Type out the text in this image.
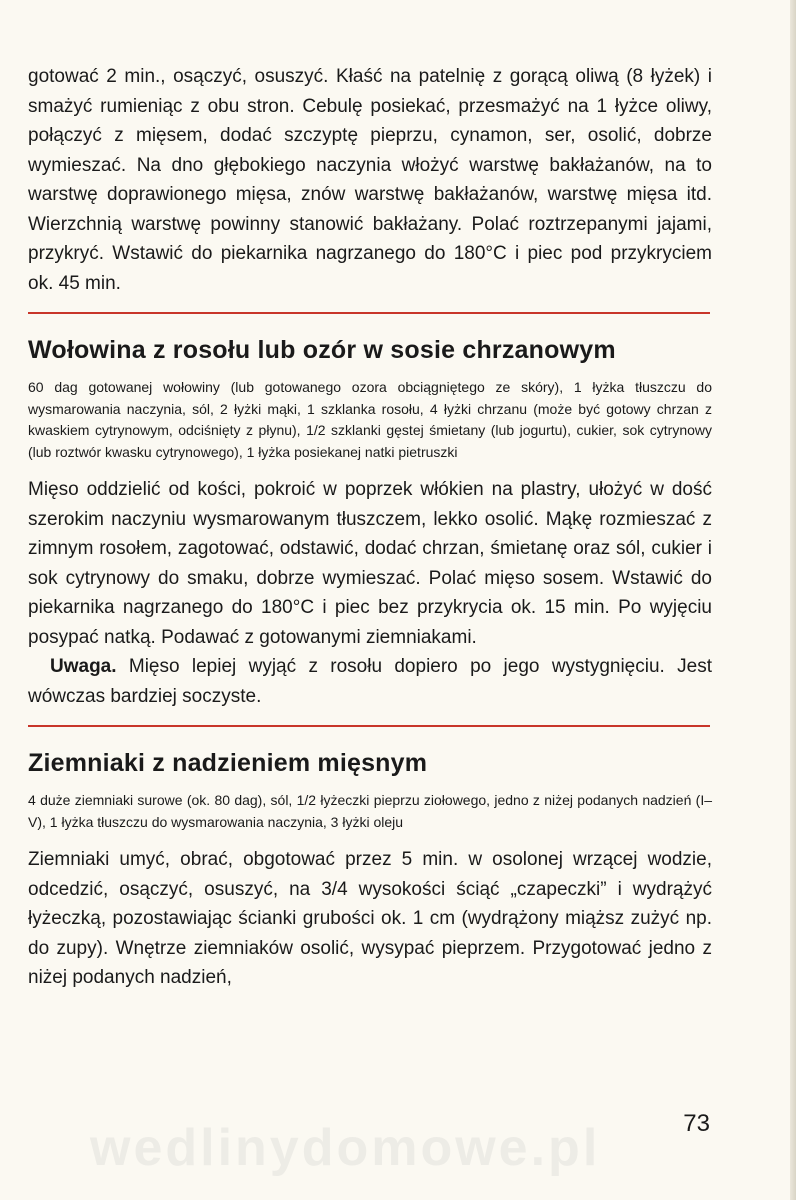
wedlinydomowe.pl

gotować 2 min., osączyć, osuszyć. Kłaść na patelnię z gorącą oliwą (8 łyżek) i smażyć rumieniąc z obu stron. Cebulę posiekać, przesmażyć na 1 łyżce oliwy, połączyć z mięsem, dodać szczyptę pieprzu, cynamon, ser, osolić, dobrze wymieszać. Na dno głębokiego naczynia włożyć warstwę bakłażanów, na to warstwę doprawionego mięsa, znów warstwę bakłażanów, warstwę mięsa itd. Wierzchnią warstwę powinny stanowić bakłażany. Polać roztrzepanymi jajami, przykryć. Wstawić do piekarnika nagrzanego do 180°C i piec pod przykryciem ok. 45 min.

Wołowina z rosołu lub ozór w sosie chrzanowym

60 dag gotowanej wołowiny (lub gotowanego ozora obciągniętego ze skóry), 1 łyżka tłuszczu do wysmarowania naczynia, sól, 2 łyżki mąki, 1 szklanka rosołu, 4 łyżki chrzanu (może być gotowy chrzan z kwaskiem cytrynowym, odciśnięty z płynu), 1/2 szklanki gęstej śmietany (lub jogurtu), cukier, sok cytrynowy (lub roztwór kwasku cytrynowego), 1 łyżka posiekanej natki pietruszki

Mięso oddzielić od kości, pokroić w poprzek włókien na plastry, ułożyć w dość szerokim naczyniu wysmarowanym tłuszczem, lekko osolić. Mąkę rozmieszać z zimnym rosołem, zagotować, odstawić, dodać chrzan, śmietanę oraz sól, cukier i sok cytrynowy do smaku, dobrze wymieszać. Polać mięso sosem. Wstawić do piekarnika nagrzanego do 180°C i piec bez przykrycia ok. 15 min. Po wyjęciu posypać natką. Podawać z gotowanymi ziemniakami.

Uwaga. Mięso lepiej wyjąć z rosołu dopiero po jego wystygnięciu. Jest wówczas bardziej soczyste.

Ziemniaki z nadzieniem mięsnym

4 duże ziemniaki surowe (ok. 80 dag), sól, 1/2 łyżeczki pieprzu ziołowego, jedno z niżej podanych nadzień (I–V), 1 łyżka tłuszczu do wysmarowania naczynia, 3 łyżki oleju

Ziemniaki umyć, obrać, obgotować przez 5 min. w osolonej wrzącej wodzie, odcedzić, osączyć, osuszyć, na 3/4 wysokości ściąć „czapeczki” i wydrążyć łyżeczką, pozostawiając ścianki grubości ok. 1 cm (wydrążony miąższ zużyć np. do zupy). Wnętrze ziemniaków osolić, wysypać pieprzem. Przygotować jedno z niżej podanych nadzień,

73
